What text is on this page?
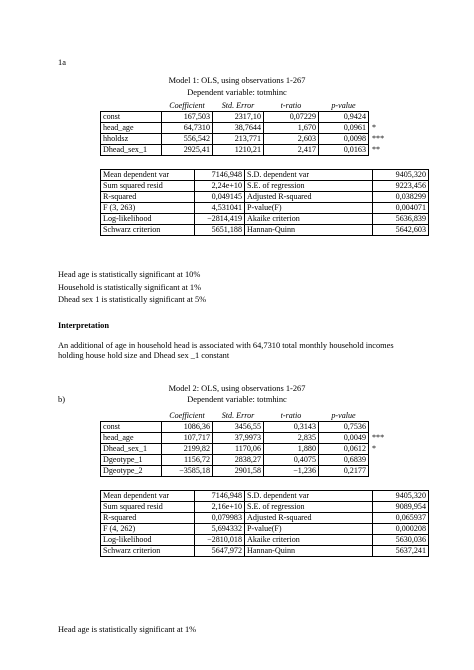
1a
Model 1: OLS, using observations 1-267
Dependent variable: totmhinc
	Coefficient	Std. Error	t-ratio	p-value	
const	167,503	2317,10	0,07229	0,9424	
head_age	64,7310	38,7644	1,670	0,0961	*
hholdsz	556,542	213,771	2,603	0,0098	***
Dhead_sex_1	2925,41	1210,21	2,417	0,0163	**
Mean dependent var	7146,948	S.D. dependent var	9405,320
Sum squared resid	2,24e+10	S.E. of regression	9223,456
R-squared	0,049145	Adjusted R-squared	0,038299
F (3, 263)	4,531041	P-value(F)	0,004071
Log-likelihood	−2814,419	Akaike criterion	5636,839
Schwarz criterion	5651,188	Hannan-Quinn	5642,603
Head age is statistically significant at 10%
Household is statistically significant at 1%
Dhead sex 1 is statistically significant at 5%
Interpretation
An additional of age in household head is associated with 64,7310 total monthly household incomes holding house hold size and Dhead sex _1 constant
Model 2: OLS, using observations 1-267
b)	Dependent variable: totmhinc
	Coefficient	Std. Error	t-ratio	p-value	
const	1086,36	3456,55	0,3143	0,7536	
head_age	107,717	37,9973	2,835	0,0049	***
Dhead_sex_1	2199,82	1170,06	1,880	0,0612	*
Dgeotype_1	1156,72	2838,27	0,4075	0,6839	
Dgeotype_2	−3585,18	2901,58	−1,236	0,2177	
Mean dependent var	7146,948	S.D. dependent var	9405,320
Sum squared resid	2,16e+10	S.E. of regression	9089,954
R-squared	0,079983	Adjusted R-squared	0,065937
F (4, 262)	5,694332	P-value(F)	0,000208
Log-likelihood	−2810,018	Akaike criterion	5630,036
Schwarz criterion	5647,972	Hannan-Quinn	5637,241
Head age is statistically significant at 1%
